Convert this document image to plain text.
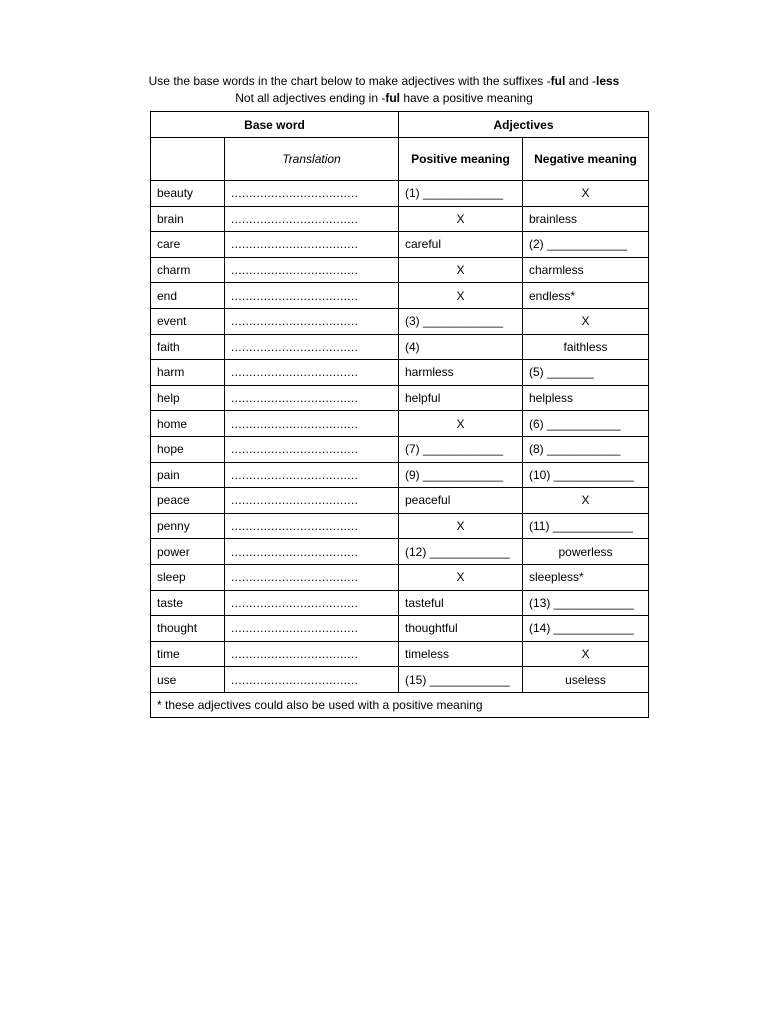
Use the base words in the chart below to make adjectives with the suffixes -ful and -less
Not all adjectives ending in -ful have a positive meaning
Base word		Adjectives	
	Translation	Positive meaning	Negative meaning
beauty	...................................	(1) ____________	X
brain	...................................	X	brainless
care	...................................	careful	(2) ____________
charm	...................................	X	charmless
end	...................................	X	endless*
event	...................................	(3) ____________	X
faith	...................................	(4)	faithless
harm	...................................	harmless	(5) _______
help	...................................	helpful	helpless
home	...................................	X	(6) ___________
hope	...................................	(7) ____________	(8) ___________
pain	...................................	(9) ____________	(10) ____________
peace	...................................	peaceful	X
penny	...................................	X	(11) ____________
power	...................................	(12) ____________	powerless
sleep	...................................	X	sleepless*
taste	...................................	tasteful	(13) ____________
thought	...................................	thoughtful	(14) ____________
time	...................................	timeless	X
use	...................................	(15) ____________	useless
* these adjectives could also be used with a positive meaning			
